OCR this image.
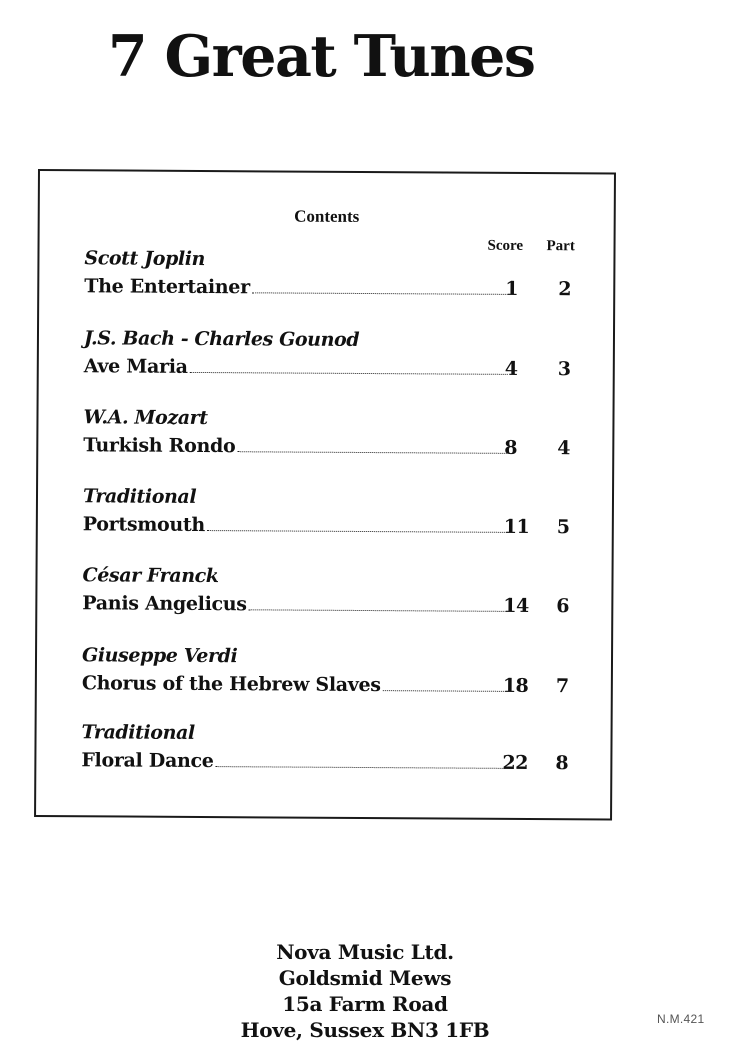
7 Great Tunes
Contents
Score Part
Scott Joplin
The Entertainer	1	2
J.S. Bach - Charles Gounod
Ave Maria	4	3
W.A. Mozart
Turkish Rondo	8	4
Traditional
Portsmouth	11	5
César Franck
Panis Angelicus	14	6
Giuseppe Verdi
Chorus of the Hebrew Slaves	18	7
Traditional
Floral Dance	22	8
Nova Music Ltd.
Goldsmid Mews
15a Farm Road
Hove, Sussex BN3 1FB	N.M.421
